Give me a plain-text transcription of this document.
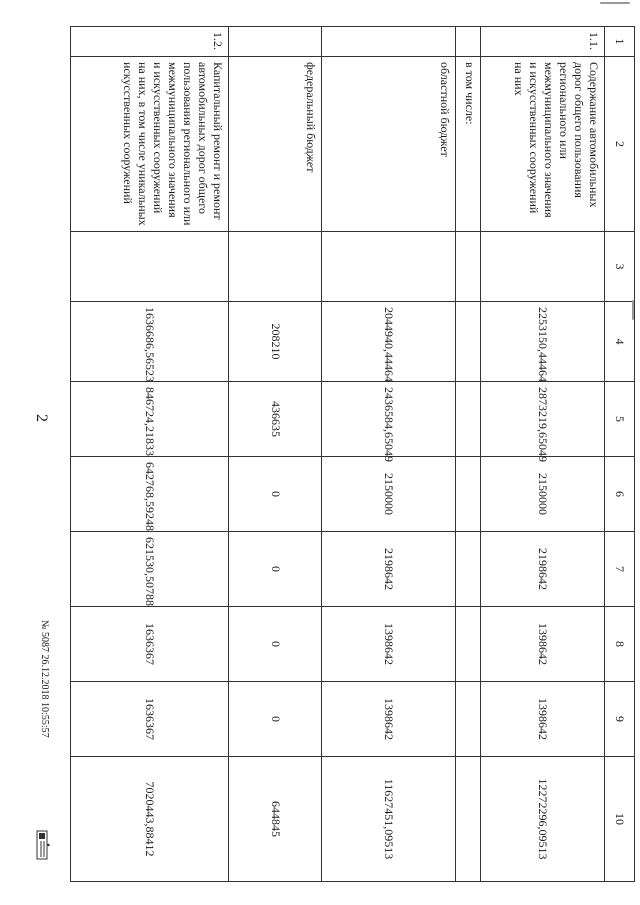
2
1	2	3	4	5	6	7	8	9	10
1.1.	Содержание автомобильных дорог общего пользования регионального или межмуниципального значения и искусственных сооружений на них		2253150,44464	2873219,65049	2150000	2198642	1398642	1398642	12272296,09513
	в том числе:								
	областной бюджет		2044940,44464	2436584,65049	2150000	2198642	1398642	1398642	11627451,09513
	федеральный бюджет		208210	436635	0	0	0	0	644845
1.2.	Капитальный ремонт и ремонт автомобильных дорог общего пользования регионального или межмуниципального значения и искусственных сооружений на них, в том числе уникальных искусственных сооружений		1636686,56523	846724,21833	642768,59248	621530,50788	1636367	1636367	7020443,88412
№ 5087 26.12.2018 10:55:57
